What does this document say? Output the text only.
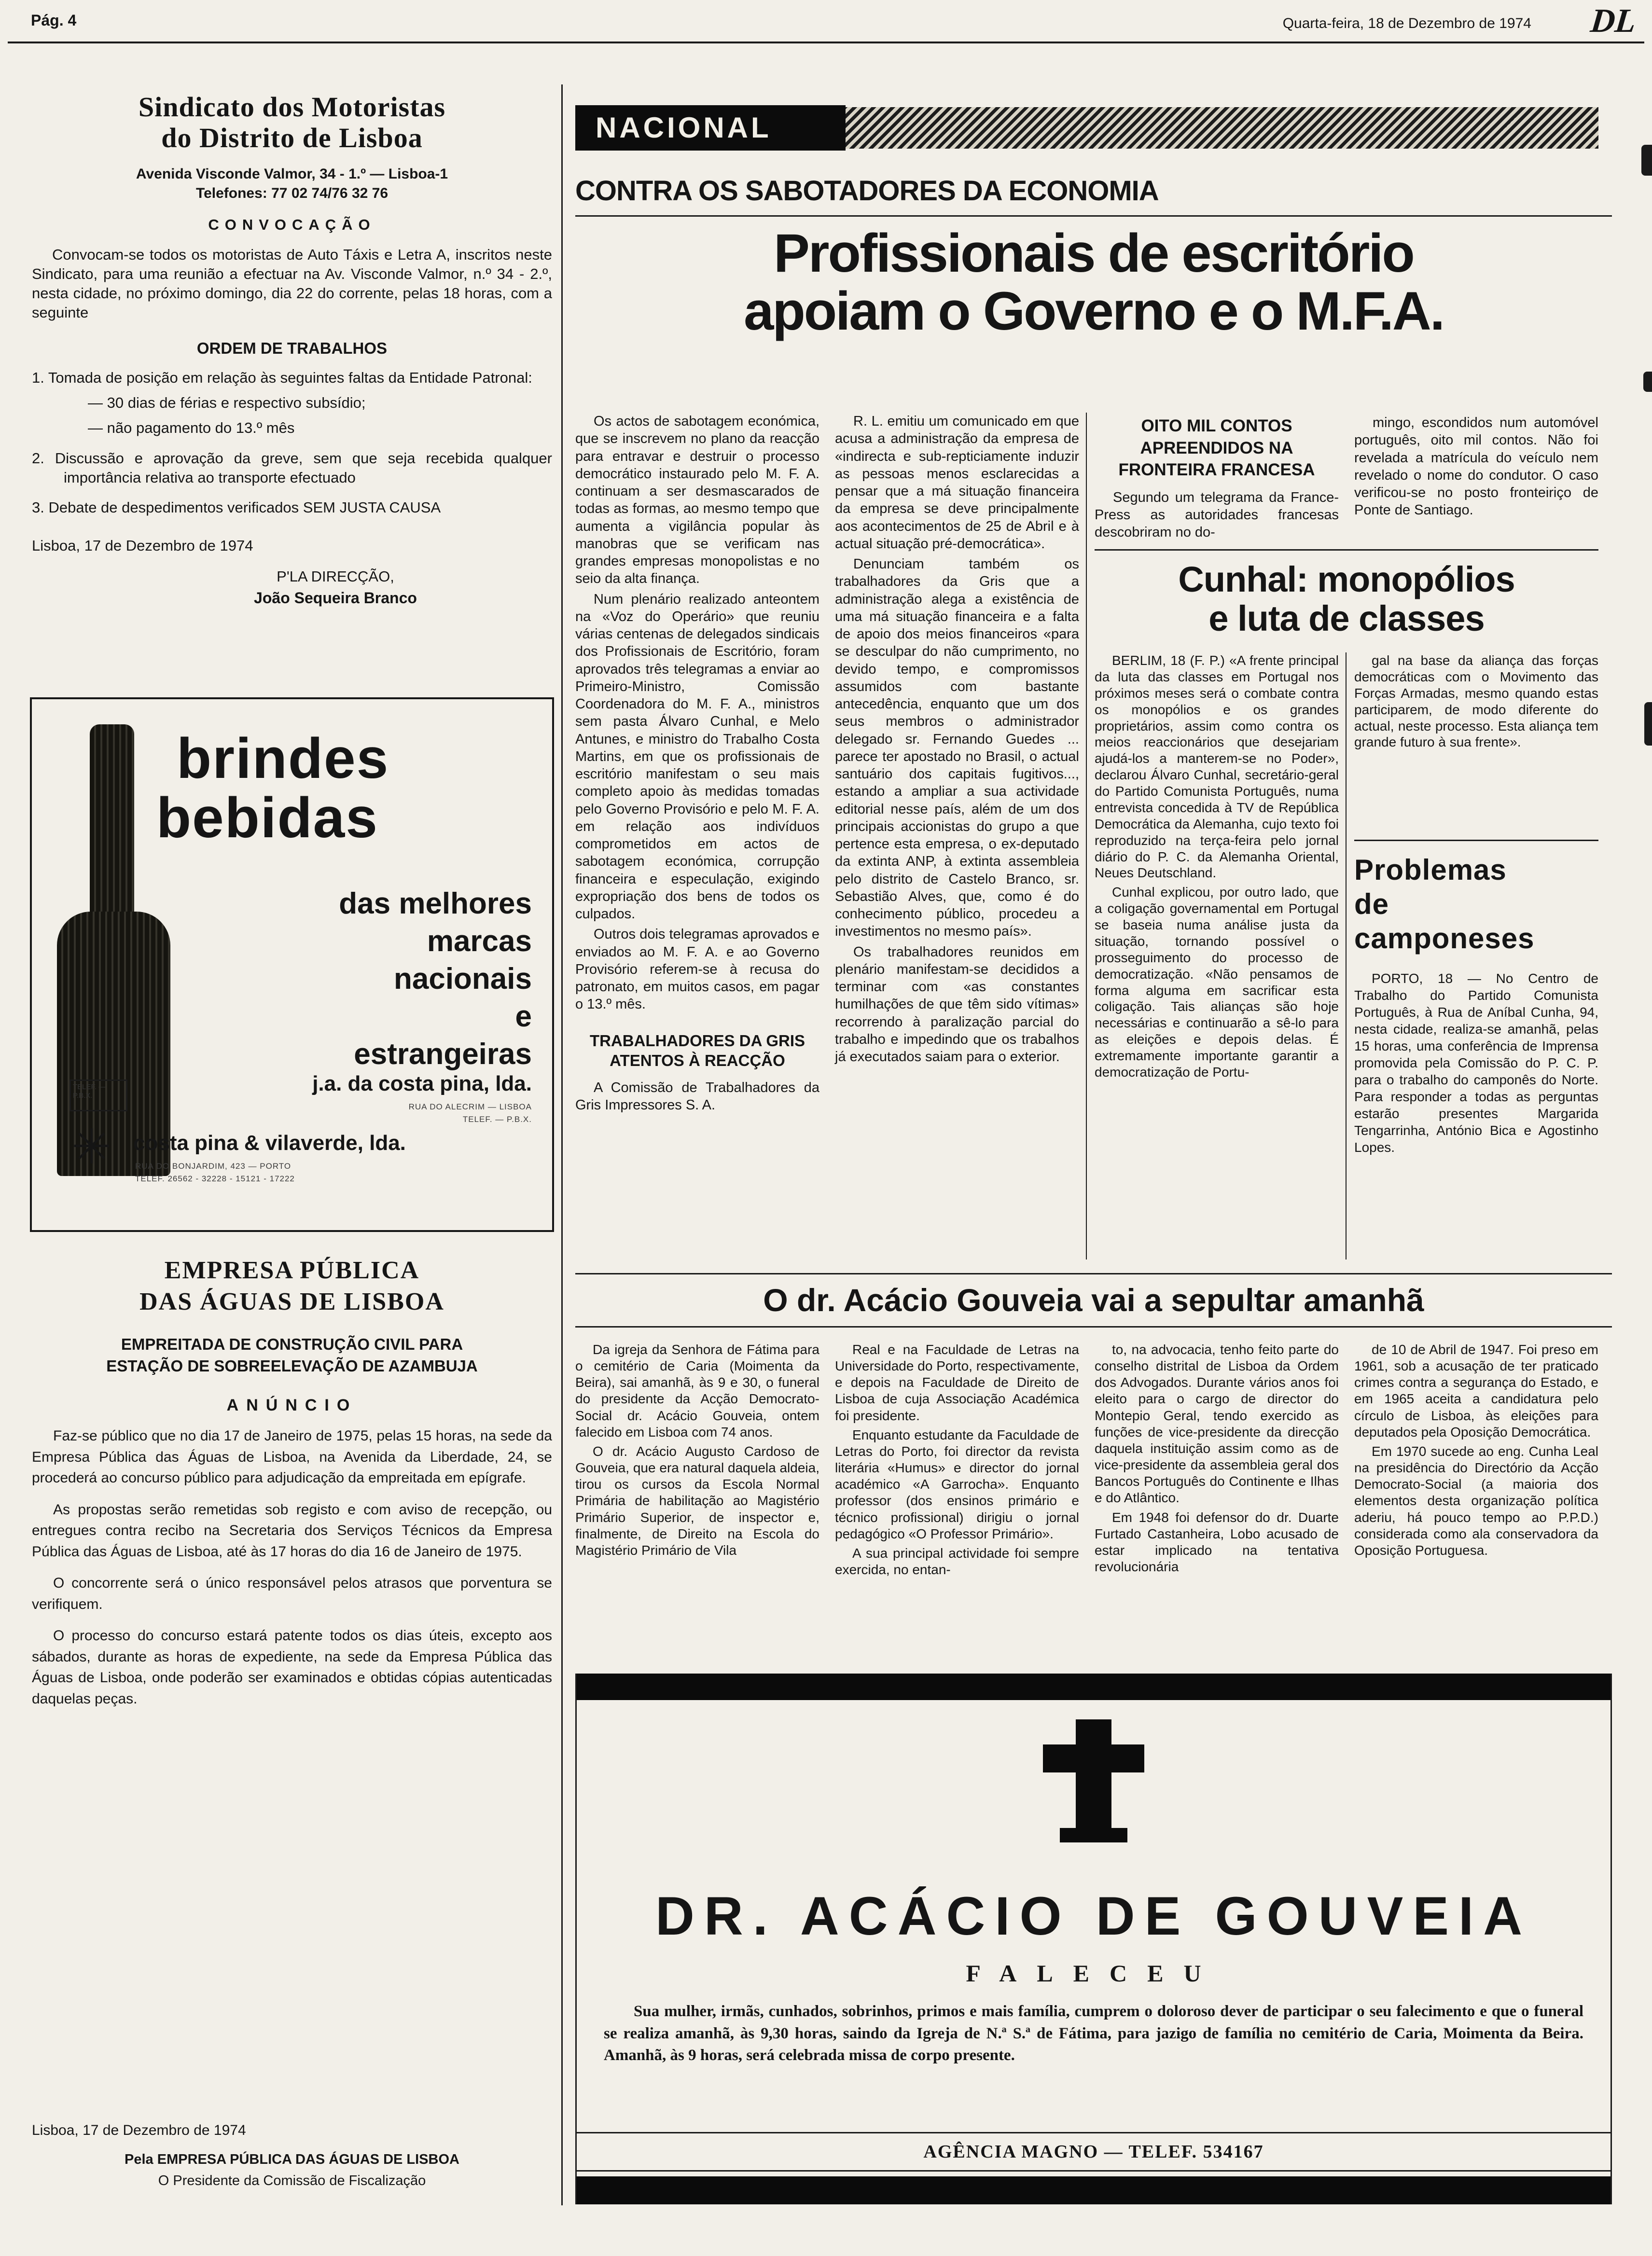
Pág. 4	Quarta-feira, 18 de Dezembro de 1974 DL
Sindicato dos Motoristas
do Distrito de Lisboa
Avenida Visconde Valmor, 34 - 1.º — Lisboa-1
Telefones: 77 02 74/76 32 76
CONVOCAÇÃO
Convocam-se todos os motoristas de Auto Táxis e Letra A, inscritos neste Sindicato, para uma reunião a efectuar na Av. Visconde Valmor, n.º 34 - 2.º, nesta cidade, no próximo domingo, dia 22 do corrente, pelas 18 horas, com a seguinte
ORDEM DE TRABALHOS
1. Tomada de posição em relação às seguintes faltas da Entidade Patronal:
— 30 dias de férias e respectivo subsídio;
— não pagamento do 13.º mês
2. Discussão e aprovação da greve, sem que seja recebida qualquer importância relativa ao transporte efectuado
3. Debate de despedimentos verificados SEM JUSTA CAUSA
Lisboa, 17 de Dezembro de 1974
P'LA DIRECÇÃO,
João Sequeira Branco
brindes
bebidas
das melhores
marcas
nacionais
e
estrangeiras
TELEF. — P.B.X.
j.a. da costa pina, lda.
RUA DO ALECRIM — LISBOA
TELEF. — P.B.X.
✳ costa pina & vilaverde, lda.
RUA DO BONJARDIM, 423 — PORTO
TELEF. 26562 - 32228 - 15121 - 17222
EMPRESA PÚBLICA
DAS ÁGUAS DE LISBOA
EMPREITADA DE CONSTRUÇÃO CIVIL PARA
ESTAÇÃO DE SOBREELEVAÇÃO DE AZAMBUJA
ANÚNCIO

Faz-se público que no dia 17 de Janeiro de 1975, pelas 15 horas, na sede da Empresa Pública das Águas de Lisboa, na Avenida da Liberdade, 24, se procederá ao concurso público para adjudicação da empreitada em epígrafe.

As propostas serão remetidas sob registo e com aviso de recepção, ou entregues contra recibo na Secretaria dos Serviços Técnicos da Empresa Pública das Águas de Lisboa, até às 17 horas do dia 16 de Janeiro de 1975.

O concorrente será o único responsável pelos atrasos que porventura se verifiquem.

O processo do concurso estará patente todos os dias úteis, excepto aos sábados, durante as horas de expediente, na sede da Empresa Pública das Águas de Lisboa, onde poderão ser examinados e obtidas cópias autenticadas daquelas peças.

Lisboa, 17 de Dezembro de 1974
Pela EMPRESA PÚBLICA DAS ÁGUAS DE LISBOA
O Presidente da Comissão de Fiscalização
NACIONAL
CONTRA OS SABOTADORES DA ECONOMIA
Profissionais de escritório
apoiam o Governo e o M.F.A.

Os actos de sabotagem económica, que se inscrevem no plano da reacção para entravar e destruir o processo democrático instaurado pelo M. F. A. continuam a ser desmascarados de todas as formas, ao mesmo tempo que aumenta a vigilância popular às manobras que se verificam nas grandes empresas monopolistas e no seio da alta finança.

Num plenário realizado anteontem na «Voz do Operário» que reuniu várias centenas de delegados sindicais dos Profissionais de Escritório, foram aprovados três telegramas a enviar ao Primeiro-Ministro, Comissão Coordenadora do M. F. A., ministros sem pasta Álvaro Cunhal, e Melo Antunes, e ministro do Trabalho Costa Martins, em que os profissionais de escritório manifestam o seu mais completo apoio às medidas tomadas pelo Governo Provisório e pelo M. F. A. em relação aos indivíduos comprometidos em actos de sabotagem económica, corrupção financeira e especulação, exigindo expropriação dos bens de todos os culpados.

Outros dois telegramas aprovados e enviados ao M. F. A. e ao Governo Provisório referem-se à recusa do patronato, em muitos casos, em pagar o 13.º mês.

TRABALHADORES DA GRIS
ATENTOS À REACÇÃO

A Comissão de Trabalhadores da Gris Impressores S. A.

R. L. emitiu um comunicado em que acusa a administração da empresa de «indirecta e sub-repticiamente induzir as pessoas menos esclarecidas a pensar que a má situação financeira da empresa se deve principalmente aos acontecimentos de 25 de Abril e à actual situação pré-democrática».

Denunciam também os trabalhadores da Gris que a administração alega a existência de uma má situação financeira e a falta de apoio dos meios financeiros «para se desculpar do não cumprimento, no devido tempo, e compromissos assumidos com bastante antecedência, enquanto que um dos seus membros o administrador delegado sr. Fernando Guedes ... parece ter apostado no Brasil, o actual santuário dos capitais fugitivos..., estando a ampliar a sua actividade editorial nesse país, além de um dos principais accionistas do grupo a que pertence esta empresa, o ex-deputado da extinta ANP, à extinta assembleia pelo distrito de Castelo Branco, sr. Sebastião Alves, que, como é do conhecimento público, procedeu a investimentos no mesmo país».

Os trabalhadores reunidos em plenário manifestam-se decididos a terminar com «as constantes humilhações de que têm sido vítimas» recorrendo à paralização parcial do trabalho e impedindo que os trabalhos já executados saiam para o exterior.

OITO MIL CONTOS APREENDIDOS NA FRONTEIRA FRANCESA
Segundo um telegrama da France-Press as autoridades francesas descobriram no do-
mingo, escondidos num automóvel português, oito mil contos. Não foi revelada a matrícula do veículo nem revelado o nome do condutor. O caso verificou-se no posto fronteiriço de Ponte de Santiago.
Cunhal: monopólios
e luta de classes

BERLIM, 18 (F. P.) «A frente principal da luta das classes em Portugal nos próximos meses será o combate contra os monopólios e os grandes proprietários, assim como contra os meios reaccionários que desejariam ajudá-los a manterem-se no Poder», declarou Álvaro Cunhal, secretário-geral do Partido Comunista Português, numa entrevista concedida à TV de República Democrática da Alemanha, cujo texto foi reproduzido na terça-feira pelo jornal diário do P. C. da Alemanha Oriental, Neues Deutschland.

Cunhal explicou, por outro lado, que a coligação governamental em Portugal se baseia numa análise justa da situação, tornando possível o prosseguimento do processo de democratização. «Não pensamos de forma alguma em sacrificar esta coligação. Tais alianças são hoje necessárias e continuarão a sê-lo para as eleições e depois delas. É extremamente importante garantir a democratização de Portu-

gal na base da aliança das forças democráticas com o Movimento das Forças Armadas, mesmo quando estas participarem, de modo diferente do actual, neste processo. Esta aliança tem grande futuro à sua frente».

Problemas
de
camponeses
PORTO, 18 — No Centro de Trabalho do Partido Comunista Português, à Rua de Aníbal Cunha, 94, nesta cidade, realiza-se amanhã, pelas 15 horas, uma conferência de Imprensa promovida pela Comissão do P. C. P. para o trabalho do camponês do Norte. Para responder a todas as perguntas estarão presentes Margarida Tengarrinha, António Bica e Agostinho Lopes.
O dr. Acácio Gouveia vai a sepultar amanhã

Da igreja da Senhora de Fátima para o cemitério de Caria (Moimenta da Beira), sai amanhã, às 9 e 30, o funeral do presidente da Acção Democrato-Social dr. Acácio Gouveia, ontem falecido em Lisboa com 74 anos.

O dr. Acácio Augusto Cardoso de Gouveia, que era natural daquela aldeia, tirou os cursos da Escola Normal Primária de habilitação ao Magistério Primário Superior, de inspector e, finalmente, de Direito na Escola do Magistério Primário de Vila

Real e na Faculdade de Letras na Universidade do Porto, respectivamente, e depois na Faculdade de Direito de Lisboa de cuja Associação Académica foi presidente.

Enquanto estudante da Faculdade de Letras do Porto, foi director da revista literária «Humus» e director do jornal académico «A Garrocha». Enquanto professor (dos ensinos primário e técnico profissional) dirigiu o jornal pedagógico «O Professor Primário».

A sua principal actividade foi sempre exercida, no entan-

to, na advocacia, tenho feito parte do conselho distrital de Lisboa da Ordem dos Advogados. Durante vários anos foi eleito para o cargo de director do Montepio Geral, tendo exercido as funções de vice-presidente da direcção daquela instituição assim como as de vice-presidente da assembleia geral dos Bancos Português do Continente e Ilhas e do Atlântico.

Em 1948 foi defensor do dr. Duarte Furtado Castanheira, Lobo acusado de estar implicado na tentativa revolucionária

de 10 de Abril de 1947. Foi preso em 1961, sob a acusação de ter praticado crimes contra a segurança do Estado, e em 1965 aceita a candidatura pelo círculo de Lisboa, às eleições para deputados pela Oposição Democrática.

Em 1970 sucede ao eng. Cunha Leal na presidência do Directório da Acção Democrato-Social (a maioria dos elementos desta organização política aderiu, há pouco tempo ao P.P.D.) considerada como ala conservadora da Oposição Portuguesa.

DR. ACÁCIO DE GOUVEIA
FALECEU
Sua mulher, irmãs, cunhados, sobrinhos, primos e mais família, cumprem o doloroso dever de participar o seu falecimento e que o funeral se realiza amanhã, às 9,30 horas, saindo da Igreja de N.ª S.ª de Fátima, para jazigo de família no cemitério de Caria, Moimenta da Beira. Amanhã, às 9 horas, será celebrada missa de corpo presente.
AGÊNCIA MAGNO — TELEF. 534167
